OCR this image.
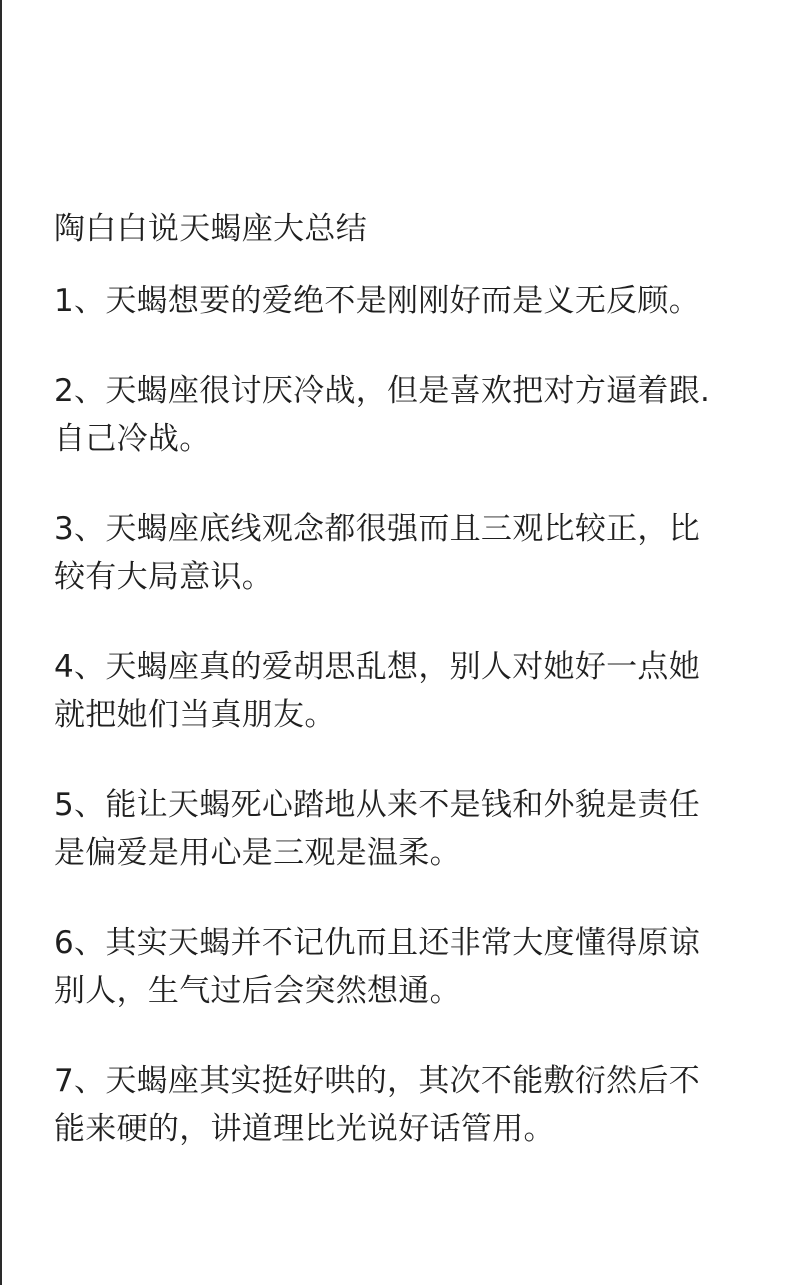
陶白白说天蝎座大总结
1、天蝎想要的爱绝不是刚刚好而是义无反顾。
2、天蝎座很讨厌冷战，但是喜欢把对方逼着跟.
自己冷战。
3、天蝎座底线观念都很强而且三观比较正，比
较有大局意识。
4、天蝎座真的爱胡思乱想，别人对她好一点她
就把她们当真朋友。
5、能让天蝎死心踏地从来不是钱和外貌是责任
是偏爱是用心是三观是温柔。
6、其实天蝎并不记仇而且还非常大度懂得原谅
别人，生气过后会突然想通。
7、天蝎座其实挺好哄的，其次不能敷衍然后不
能来硬的，讲道理比光说好话管用。
